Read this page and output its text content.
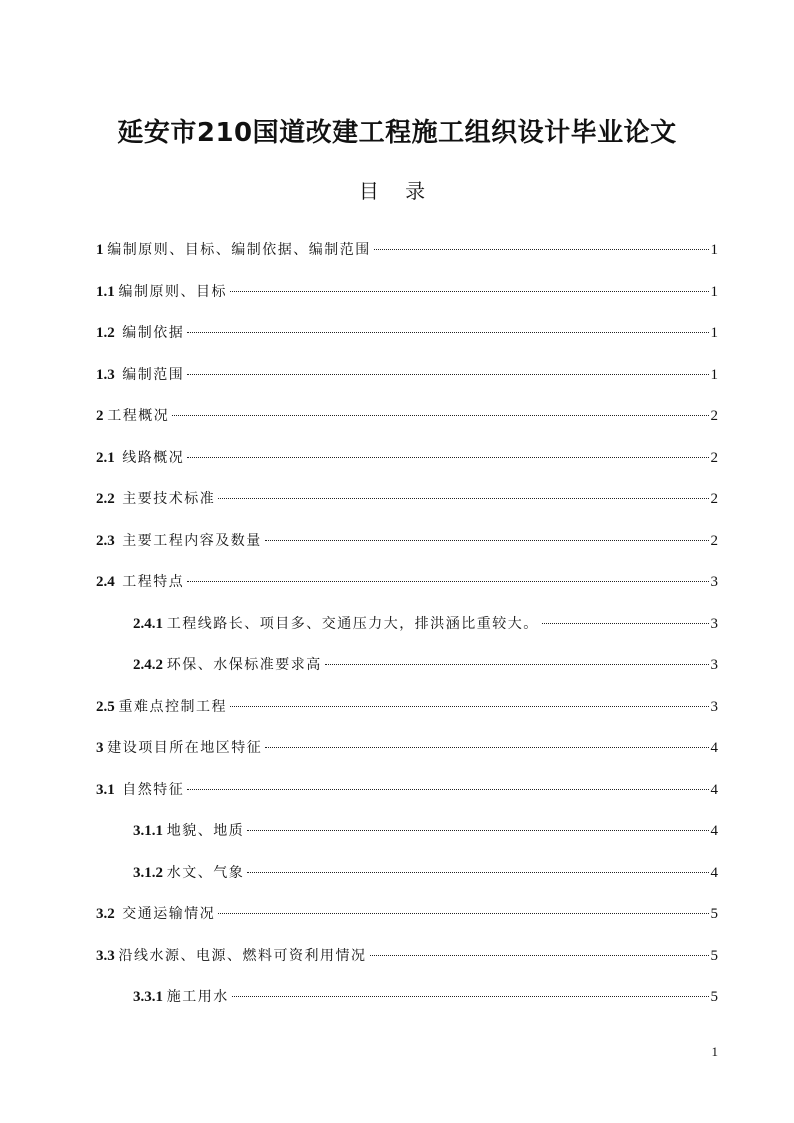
延安市210国道改建工程施工组织设计毕业论文
目 录
1 编制原则、目标、编制依据、编制范围	1
1.1 编制原则、目标	1
1.2 编制依据	1
1.3 编制范围	1
2 工程概况	2
2.1 线路概况	2
2.2 主要技术标准	2
2.3 主要工程内容及数量	2
2.4 工程特点	3
2.4.1 工程线路长、项目多、交通压力大，排洪涵比重较大。	3
2.4.2 环保、水保标准要求高	3
2.5 重难点控制工程	3
3 建设项目所在地区特征	4
3.1 自然特征	4
3.1.1 地貌、地质	4
3.1.2 水文、气象	4
3.2 交通运输情况	5
3.3 沿线水源、电源、燃料可资利用情况	5
3.3.1 施工用水	5
1
